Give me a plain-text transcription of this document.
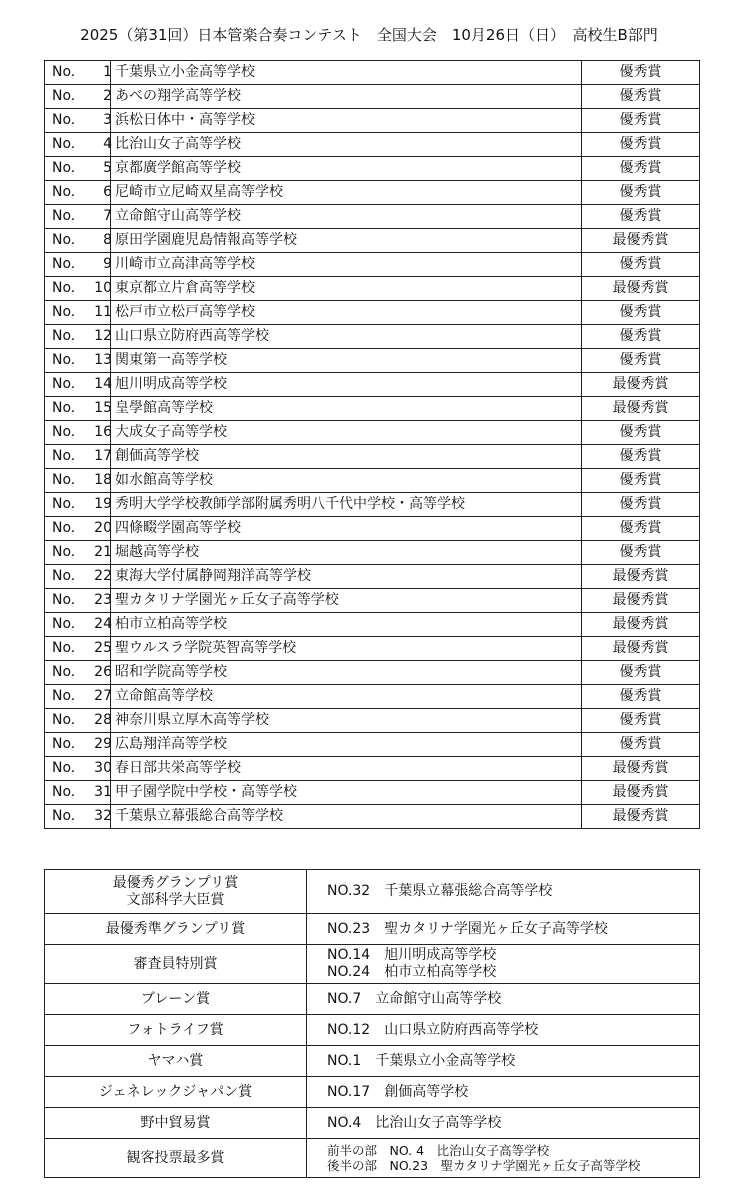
2025（第31回）日本管楽合奏コンテスト　全国大会　10月26日（日）　高校生B部門
No. 1	千葉県立小金高等学校	優秀賞
No. 2	あべの翔学高等学校	優秀賞
No. 3	浜松日体中・高等学校	優秀賞
No. 4	比治山女子高等学校	優秀賞
No. 5	京都廣学館高等学校	優秀賞
No. 6	尼崎市立尼崎双星高等学校	優秀賞
No. 7	立命館守山高等学校	優秀賞
No. 8	原田学園鹿児島情報高等学校	最優秀賞
No. 9	川崎市立高津高等学校	優秀賞
No. 10	東京都立片倉高等学校	最優秀賞
No. 11	松戸市立松戸高等学校	優秀賞
No. 12	山口県立防府西高等学校	優秀賞
No. 13	関東第一高等学校	優秀賞
No. 14	旭川明成高等学校	最優秀賞
No. 15	皇學館高等学校	最優秀賞
No. 16	大成女子高等学校	優秀賞
No. 17	創価高等学校	優秀賞
No. 18	如水館高等学校	優秀賞
No. 19	秀明大学学校教師学部附属秀明八千代中学校・高等学校	優秀賞
No. 20	四條畷学園高等学校	優秀賞
No. 21	堀越高等学校	優秀賞
No. 22	東海大学付属静岡翔洋高等学校	最優秀賞
No. 23	聖カタリナ学園光ヶ丘女子高等学校	最優秀賞
No. 24	柏市立柏高等学校	最優秀賞
No. 25	聖ウルスラ学院英智高等学校	最優秀賞
No. 26	昭和学院高等学校	優秀賞
No. 27	立命館高等学校	優秀賞
No. 28	神奈川県立厚木高等学校	優秀賞
No. 29	広島翔洋高等学校	優秀賞
No. 30	春日部共栄高等学校	最優秀賞
No. 31	甲子園学院中学校・高等学校	最優秀賞
No. 32	千葉県立幕張総合高等学校	最優秀賞
最優秀グランプリ賞
文部科学大臣賞	NO.32　千葉県立幕張総合高等学校

最優秀準グランプリ賞	NO.23　聖カタリナ学園光ヶ丘女子高等学校

審査員特別賞	NO.14　旭川明成高等学校
NO.24　柏市立柏高等学校

ブレーン賞	NO.7　立命館守山高等学校

フォトライフ賞	NO.12　山口県立防府西高等学校

ヤマハ賞	NO.1　千葉県立小金高等学校

ジェネレックジャパン賞	NO.17　創価高等学校

野中貿易賞	NO.4　比治山女子高等学校

観客投票最多賞	前半の部　NO. 4　比治山女子高等学校
後半の部　NO.23　聖カタリナ学園光ヶ丘女子高等学校
